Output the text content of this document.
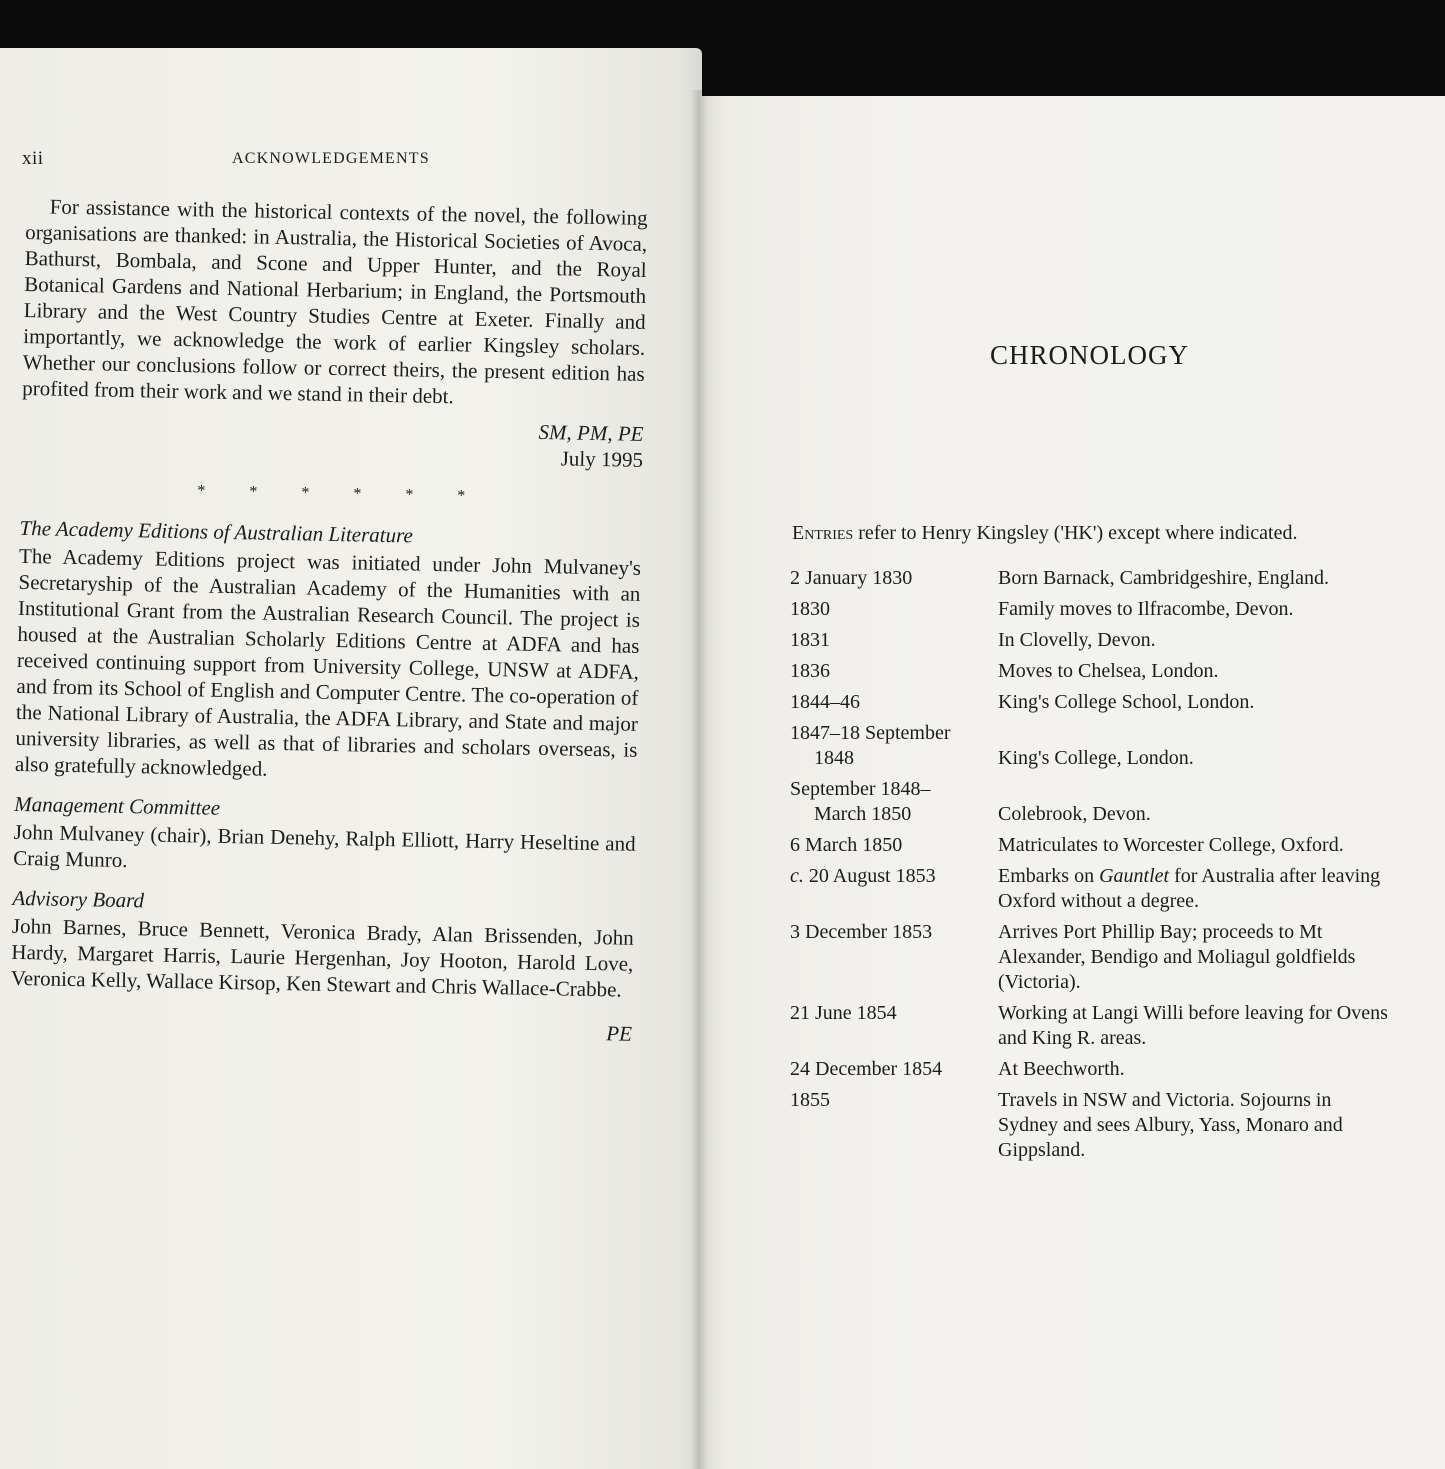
xii	ACKNOWLEDGEMENTS

For assistance with the historical contexts of the novel, the following organisations are thanked: in Australia, the Historical Societies of Avoca, Bathurst, Bombala, and Scone and Upper Hunter, and the Royal Botanical Gardens and National Herbarium; in England, the Portsmouth Library and the West Country Studies Centre at Exeter. Finally and importantly, we acknowledge the work of earlier Kingsley scholars. Whether our conclusions follow or correct theirs, the present edition has profited from their work and we stand in their debt.

SM, PM, PE
July 1995
* * * * * *
The Academy Editions of Australian Literature

The Academy Editions project was initiated under John Mulvaney's Secretaryship of the Australian Academy of the Humanities with an Institutional Grant from the Australian Research Council. The project is housed at the Australian Scholarly Editions Centre at ADFA and has received continuing support from University College, UNSW at ADFA, and from its School of English and Computer Centre. The co-operation of the National Library of Australia, the ADFA Library, and State and major university libraries, as well as that of libraries and scholars overseas, is also gratefully acknowledged.

Management Committee

John Mulvaney (chair), Brian Denehy, Ralph Elliott, Harry Heseltine and Craig Munro.

Advisory Board

John Barnes, Bruce Bennett, Veronica Brady, Alan Brissenden, John Hardy, Margaret Harris, Laurie Hergenhan, Joy Hooton, Harold Love, Veronica Kelly, Wallace Kirsop, Ken Stewart and Chris Wallace-Crabbe.

PE
CHRONOLOGY
Entries refer to Henry Kingsley ('HK') except where indicated.
2 January 1830	Born Barnack, Cambridgeshire, England.
1830	Family moves to Ilfracombe, Devon.
1831	In Clovelly, Devon.
1836	Moves to Chelsea, London.
1844–46	King's College School, London.
1847–18 September
1848	King's College, London.
September 1848–
March 1850	Colebrook, Devon.
6 March 1850	Matriculates to Worcester College, Oxford.
c. 20 August 1853	Embarks on Gauntlet for Australia after leaving Oxford without a degree.
3 December 1853	Arrives Port Phillip Bay; proceeds to Mt Alexander, Bendigo and Moliagul goldfields (Victoria).
21 June 1854	Working at Langi Willi before leaving for Ovens and King R. areas.
24 December 1854	At Beechworth.
1855	Travels in NSW and Victoria. Sojourns in Sydney and sees Albury, Yass, Monaro and Gippsland.
